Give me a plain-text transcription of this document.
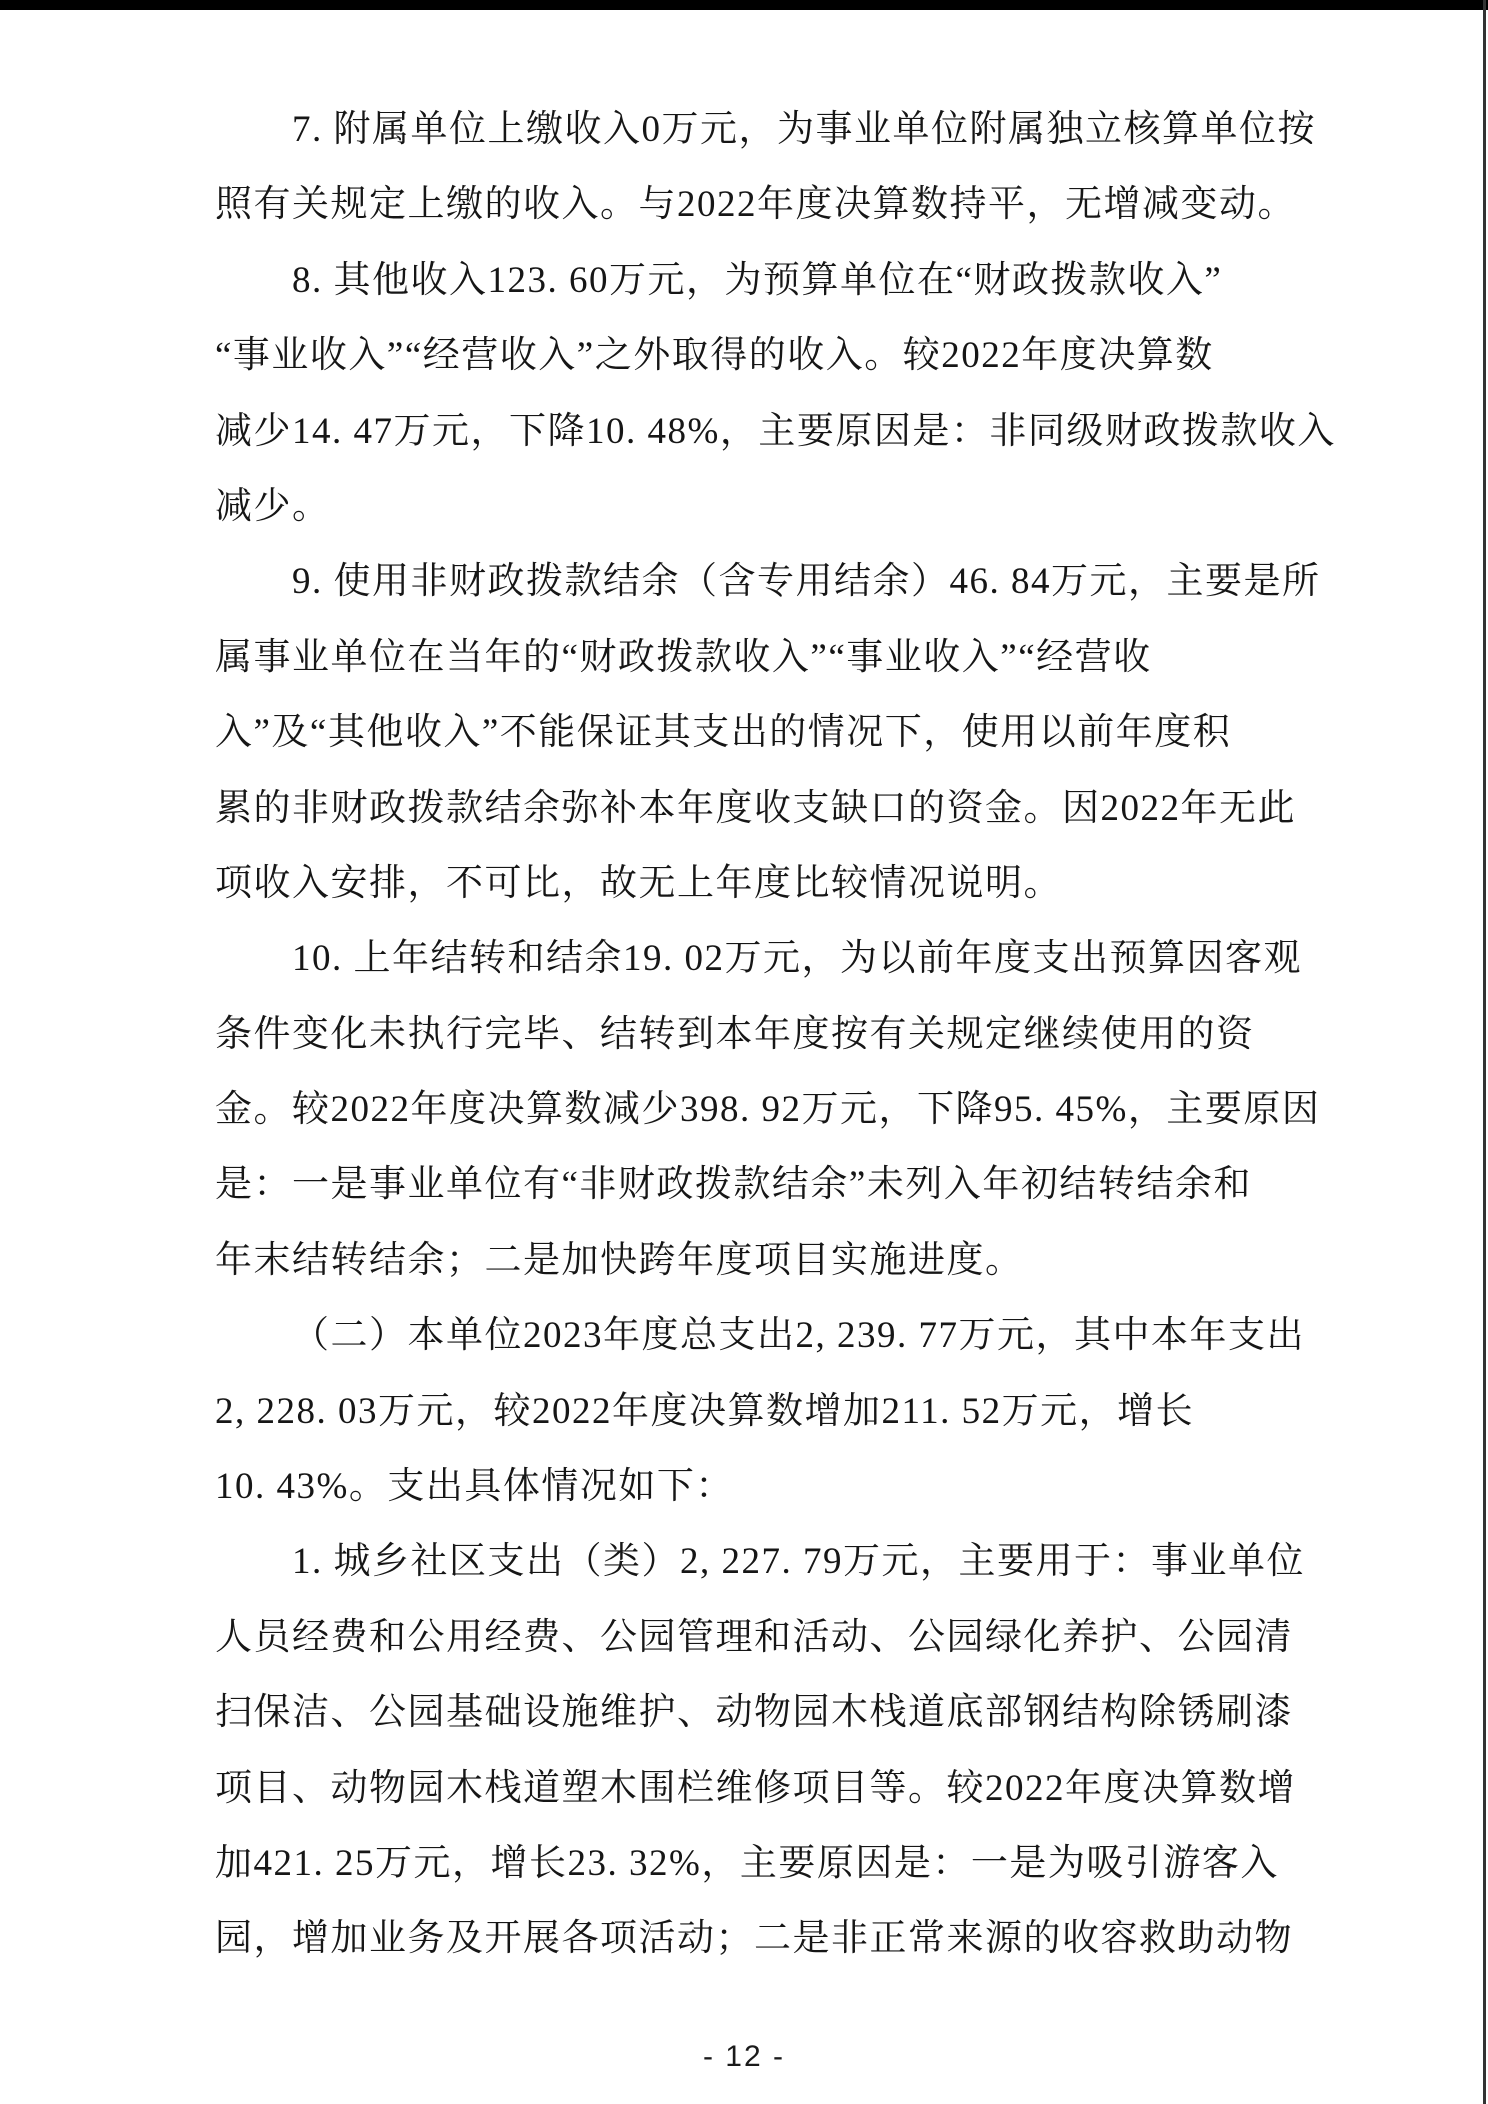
7. 附属单位上缴收入0万元，为事业单位附属独立核算单位按
照有关规定上缴的收入。与2022年度决算数持平，无增减变动。
8. 其他收入123. 60万元，为预算单位在“财政拨款收入”
“事业收入”“经营收入”之外取得的收入。较2022年度决算数
减少14. 47万元，下降10. 48%，主要原因是：非同级财政拨款收入
减少。
9. 使用非财政拨款结余（含专用结余）46. 84万元，主要是所
属事业单位在当年的“财政拨款收入”“事业收入”“经营收
入”及“其他收入”不能保证其支出的情况下，使用以前年度积
累的非财政拨款结余弥补本年度收支缺口的资金。因2022年无此
项收入安排，不可比，故无上年度比较情况说明。
10. 上年结转和结余19. 02万元，为以前年度支出预算因客观
条件变化未执行完毕、结转到本年度按有关规定继续使用的资
金。较2022年度决算数减少398. 92万元，下降95. 45%，主要原因
是：一是事业单位有“非财政拨款结余”未列入年初结转结余和
年末结转结余；二是加快跨年度项目实施进度。
（二）本单位2023年度总支出2, 239. 77万元，其中本年支出
2, 228. 03万元，较2022年度决算数增加211. 52万元，增长
10. 43%。支出具体情况如下：
1. 城乡社区支出（类）2, 227. 79万元，主要用于：事业单位
人员经费和公用经费、公园管理和活动、公园绿化养护、公园清
扫保洁、公园基础设施维护、动物园木栈道底部钢结构除锈刷漆
项目、动物园木栈道塑木围栏维修项目等。较2022年度决算数增
加421. 25万元，增长23. 32%，主要原因是：一是为吸引游客入
园，增加业务及开展各项活动；二是非正常来源的收容救助动物
- 12 -
